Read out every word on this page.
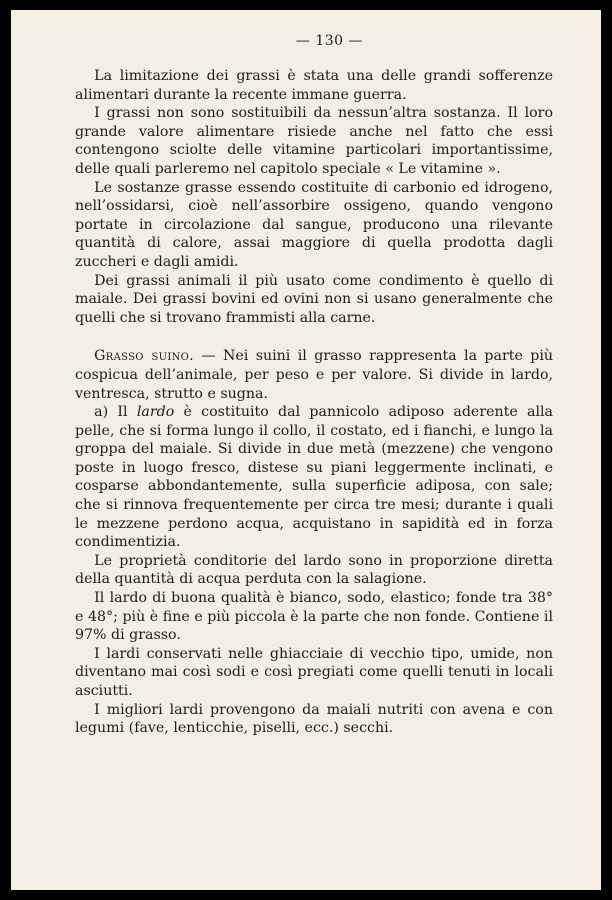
— 130 —

La limitazione dei grassi è stata una delle grandi sofferenze alimentari durante la recente immane guerra.

I grassi non sono sostituibili da nessun’altra sostanza. Il loro grande valore alimentare risiede anche nel fatto che essi contengono sciolte delle vitamine particolari importantissime, delle quali parleremo nel capitolo speciale « Le vitamine ».

Le sostanze grasse essendo costituite di carbonio ed idrogeno, nell’ossidarsi, cioè nell’assorbire ossigeno, quando vengono portate in circolazione dal sangue, producono una rilevante quantità di calore, assai maggiore di quella prodotta dagli zuccheri e dagli amidi.

Dei grassi animali il più usato come condimento è quello di maiale. Dei grassi bovini ed ovini non si usano generalmente che quelli che si trovano frammisti alla carne.

Grasso suino. — Nei suini il grasso rappresenta la parte più cospicua dell’animale, per peso e per valore. Si divide in lardo, ventresca, strutto e sugna.

a) Il lardo è costituito dal pannicolo adiposo aderente alla pelle, che si forma lungo il collo, il costato, ed i fianchi, e lungo la groppa del maiale. Si divide in due metà (mezzene) che vengono poste in luogo fresco, distese su piani leggermente inclinati, e cosparse abbondantemente, sulla superficie adiposa, con sale; che si rinnova frequentemente per circa tre mesi; durante i quali le mezzene perdono acqua, acquistano in sapidità ed in forza condimentizia.

Le proprietà conditorie del lardo sono in proporzione diretta della quantità di acqua perduta con la salagione.

Il lardo di buona qualità è bianco, sodo, elastico; fonde tra 38° e 48°; più è fine e più piccola è la parte che non fonde. Contiene il 97% di grasso.

I lardi conservati nelle ghiacciaie di vecchio tipo, umide, non diventano mai così sodi e così pregiati come quelli tenuti in locali asciutti.

I migliori lardi provengono da maiali nutriti con avena e con legumi (fave, lenticchie, piselli, ecc.) secchi.
